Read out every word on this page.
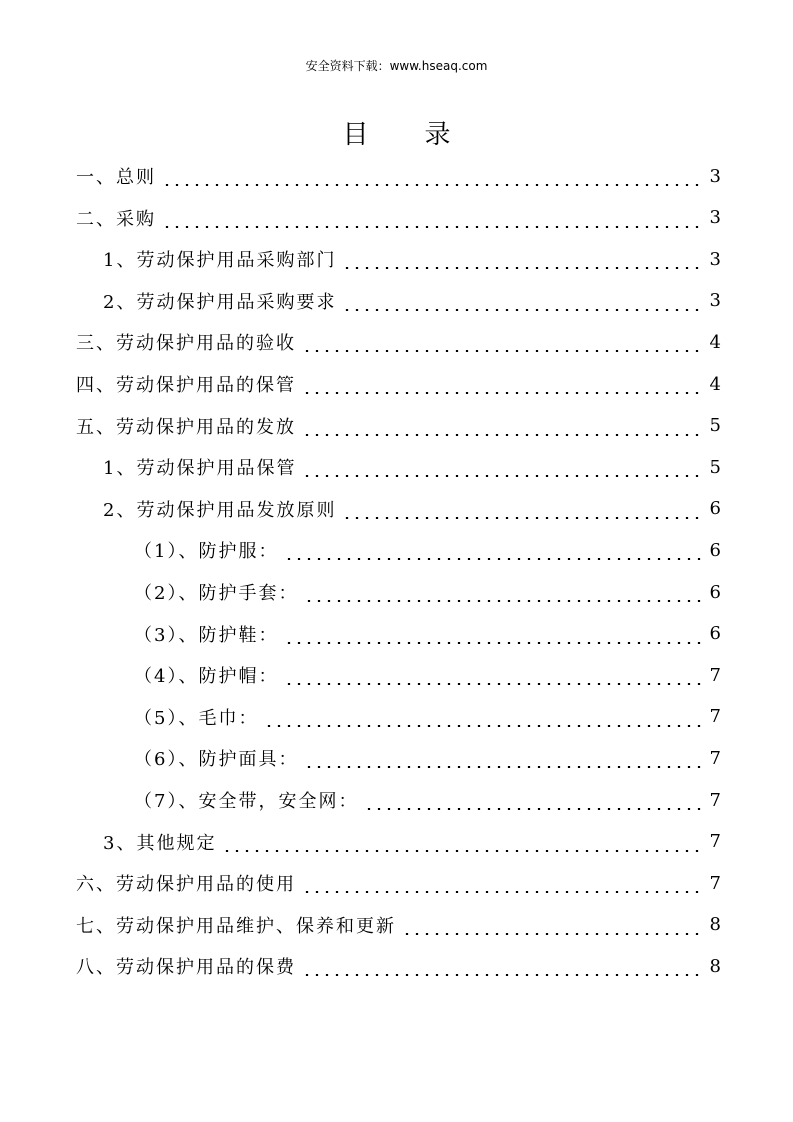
安全资料下载：www.hseaq.com
目 录
一、总则	3
二、采购	3
1、劳动保护用品采购部门	3
2、劳动保护用品采购要求	3
三、劳动保护用品的验收	4
四、劳动保护用品的保管	4
五、劳动保护用品的发放	5
1、劳动保护用品保管	5
2、劳动保护用品发放原则	6
（1）、防护服：	6
（2）、防护手套：	6
（3）、防护鞋：	6
（4）、防护帽：	7
（5）、毛巾：	7
（6）、防护面具：	7
（7）、安全带，安全网：	7
3、其他规定	7
六、劳动保护用品的使用	7
七、劳动保护用品维护、保养和更新	8
八、劳动保护用品的保费	8
